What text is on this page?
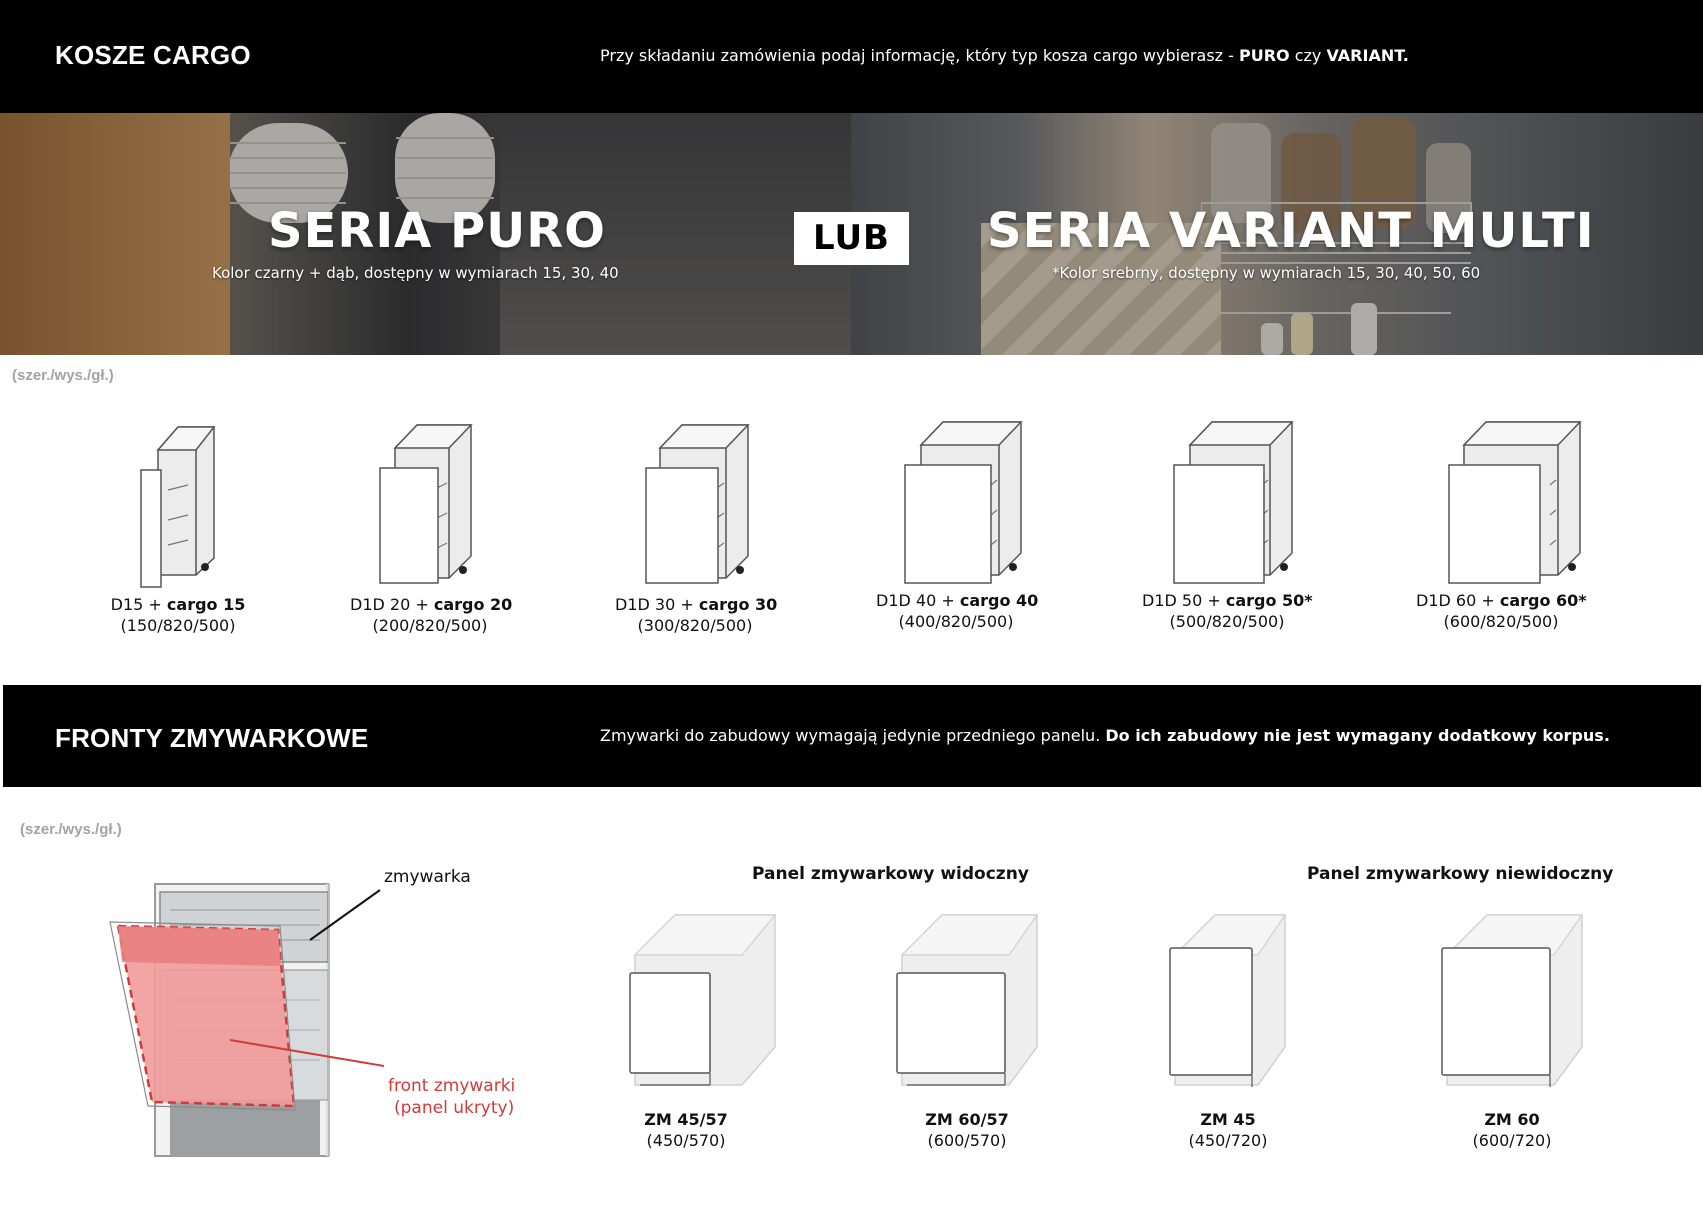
KOSZE CARGO	Przy składaniu zamówienia podaj informację, który typ kosza cargo wybierasz - PURO czy VARIANT.
SERIA PURO
Kolor czarny + dąb, dostępny w wymiarach 15, 30, 40
SERIA VARIANT MULTI
*Kolor srebrny, dostępny w wymiarach 15, 30, 40, 50, 60
LUB
(szer./wys./gł.)
D15 + cargo 15
(150/820/500)
D1D 20 + cargo 20
(200/820/500)
D1D 30 + cargo 30
(300/820/500)
D1D 40 + cargo 40
(400/820/500)
D1D 50 + cargo 50*
(500/820/500)
D1D 60 + cargo 60*
(600/820/500)
FRONTY ZMYWARKOWE	Zmywarki do zabudowy wymagają jedynie przedniego panelu. Do ich zabudowy nie jest wymagany dodatkowy korpus.
(szer./wys./gł.)
zmywarka
front zmywarki
(panel ukryty)
Panel zmywarkowy widoczny	Panel zmywarkowy niewidoczny
ZM 45/57
(450/570)
ZM 60/57
(600/570)
ZM 45
(450/720)
ZM 60
(600/720)
